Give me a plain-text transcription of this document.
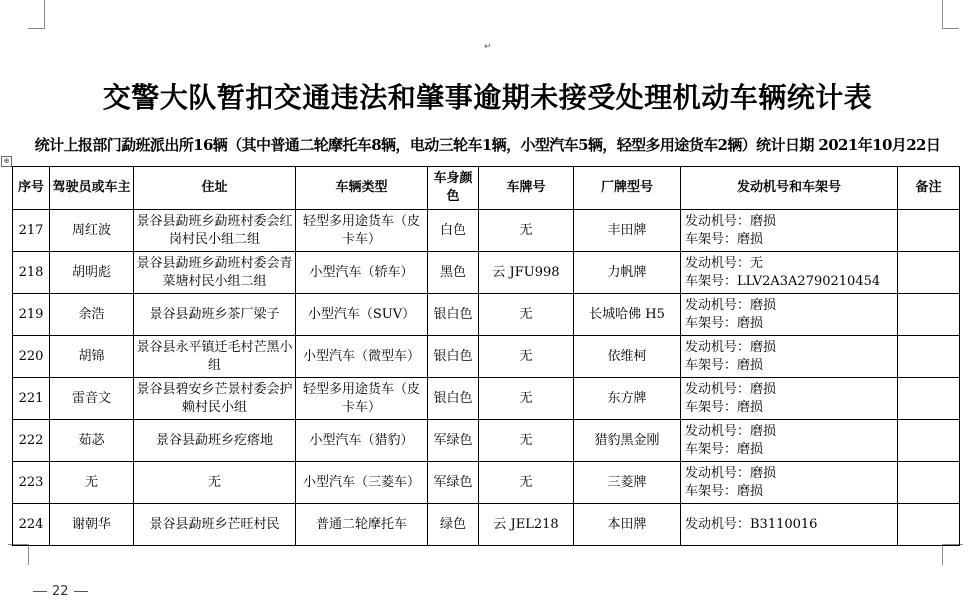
↵
交警大队暂扣交通违法和肇事逾期未接受处理机动车辆统计表
统计上报部门勐班派出所16辆（其中普通二轮摩托车8辆，电动三轮车1辆，小型汽车5辆，轻型多用途货车2辆）统计日期 2021年10月22日
⊕
序号	驾驶员或车主	住址	车辆类型	车身颜色	车牌号	厂牌型号	发动机号和车架号	备注
217	周红波	景谷县勐班乡勐班村委会红岗村民小组二组	轻型多用途货车（皮卡车）	白色	无	丰田牌	发动机号：磨损
车架号：磨损	

218	胡明彪	景谷县勐班乡勐班村委会青菜塘村民小组二组	小型汽车（轿车）	黑色	云 JFU998	力帆牌	发动机号：无
车架号：LLV2A3A2790210454	

219	余浩	景谷县勐班乡茶厂梁子	小型汽车（SUV）	银白色	无	长城哈佛 H5	发动机号：磨损
车架号：磨损	

220	胡锦	景谷县永平镇迁毛村芒黑小组	小型汽车（微型车）	银白色	无	依维柯	发动机号：磨损
车架号：磨损	

221	雷音文	景谷县碧安乡芒景村委会护赖村民小组	轻型多用途货车（皮卡车）	银白色	无	东方牌	发动机号：磨损
车架号：磨损	

222	茹苾	景谷县勐班乡疙瘩地	小型汽车（猎豹）	军绿色	无	猎豹黑金刚	发动机号：磨损
车架号：磨损	

223	无	无	小型汽车（三菱车）	军绿色	无	三菱牌	发动机号：磨损
车架号：磨损	

224	谢朝华	景谷县勐班乡芒旺村民	普通二轮摩托车	绿色	云 JEL218	本田牌	发动机号：B3110016	

22
